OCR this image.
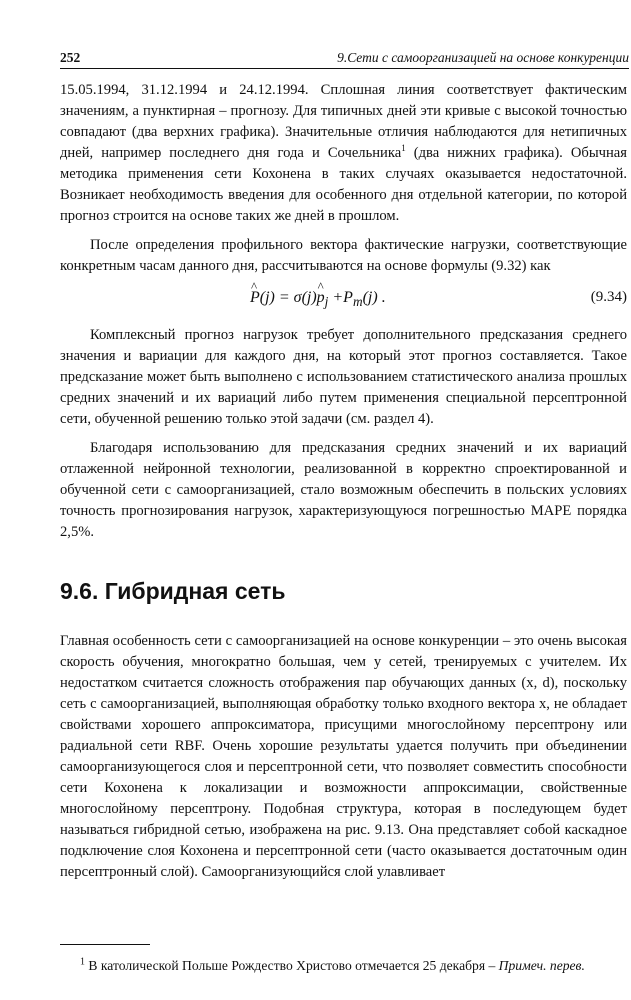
252	9.Сети с самоорганизацией на основе конкуренции

15.05.1994, 31.12.1994 и 24.12.1994. Сплошная линия соответствует фактическим значениям, а пунктирная – прогнозу. Для типичных дней эти кривые с высокой точностью совпадают (два верхних графика). Значительные отличия наблюдаются для нетипичных дней, например последнего дня года и Сочельника$^1$ (два нижних графика). Обычная методика применения сети Кохонена в таких случаях оказывается недостаточной. Возникает необходимость введения для особенного дня отдельной категории, по которой прогноз строится на основе таких же дней в прошлом.

После определения профильного вектора фактические нагрузки, соответствующие конкретным часам данного дня, рассчитываются на основе формулы (9.32) как

^ P(j) = σ(j)^ $p_j +P_m(j)$ .	(9.34)

Комплексный прогноз нагрузок требует дополнительного предсказания среднего значения и вариации для каждого дня, на который этот прогноз составляется. Такое предсказание может быть выполнено с использованием статистического анализа прошлых средних значений и их вариаций либо путем применения специальной персептронной сети, обученной решению только этой задачи (см. раздел 4).

Благодаря использованию для предсказания средних значений и их вариаций отлаженной нейронной технологии, реализованной в корректно спроектированной и обученной сети с самоорганизацией, стало возможным обеспечить в польских условиях точность прогнозирования нагрузок, характеризующуюся погрешностью MAPE порядка 2,5%.

9.6. Гибридная сеть

Главная особенность сети с самоорганизацией на основе конкуренции – это очень высокая скорость обучения, многократно большая, чем у сетей, тренируемых с учителем. Их недостатком считается сложность отображения пар обучающих данных (x, d), поскольку сеть с самоорганизацией, выполняющая обработку только входного вектора x, не обладает свойствами хорошего аппроксиматора, присущими многослойному персептрону или радиальной сети RBF. Очень хорошие результаты удается получить при объединении самоорганизующегося слоя и персептронной сети, что позволяет совместить способности сети Кохонена к локализации и возможности аппроксимации, свойственные многослойному персептрону. Подобная структура, которая в последующем будет называться гибридной сетью, изображена на рис. 9.13. Она представляет собой каскадное подключение слоя Кохонена и персептронной сети (часто оказывается достаточным один персептронный слой). Самоорганизующийся слой улавливает

$^1$ В католической Польше Рождество Христово отмечается 25 декабря – Примеч. перев.
